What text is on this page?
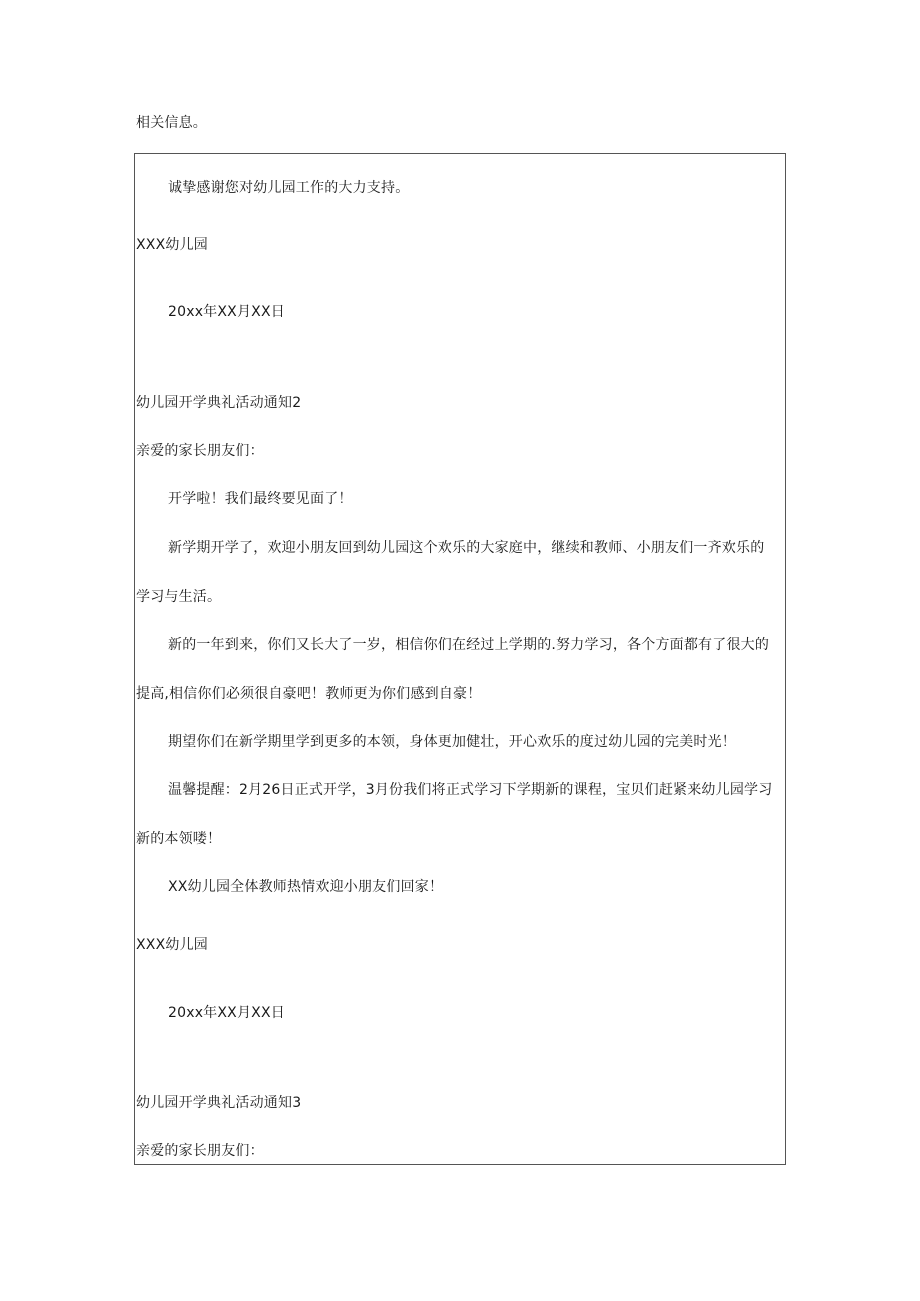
相关信息。
诚挚感谢您对幼儿园工作的大力支持。
XXX幼儿园
20xx年XX月XX日
幼儿园开学典礼活动通知2
亲爱的家长朋友们：
开学啦！我们最终要见面了！
新学期开学了，欢迎小朋友回到幼儿园这个欢乐的大家庭中，继续和教师、小朋友们一齐欢乐的
学习与生活。
新的一年到来，你们又长大了一岁，相信你们在经过上学期的.努力学习，各个方面都有了很大的
提高,相信你们必须很自豪吧！教师更为你们感到自豪！
期望你们在新学期里学到更多的本领，身体更加健壮，开心欢乐的度过幼儿园的完美时光！
温馨提醒：2月26日正式开学，3月份我们将正式学习下学期新的课程，宝贝们赶紧来幼儿园学习
新的本领喽！
XX幼儿园全体教师热情欢迎小朋友们回家！
XXX幼儿园
20xx年XX月XX日
幼儿园开学典礼活动通知3
亲爱的家长朋友们：
